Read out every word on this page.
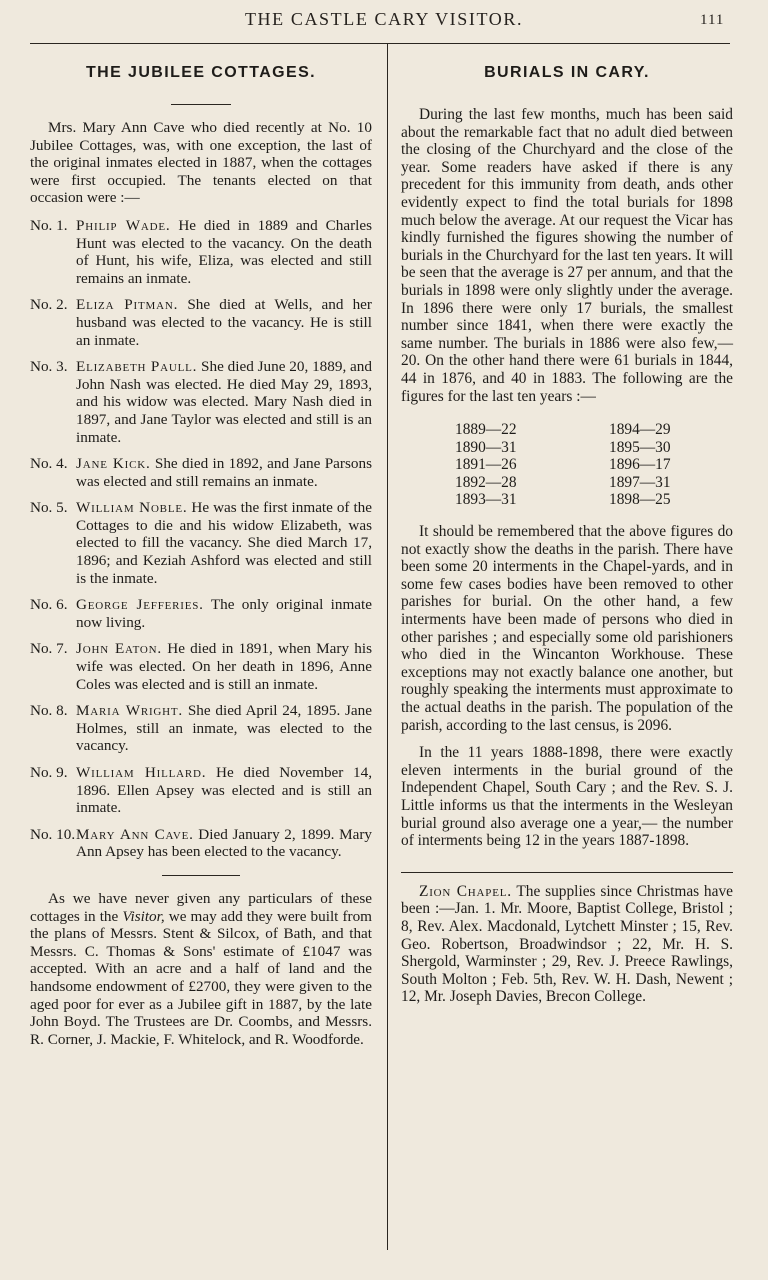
THE CASTLE CARY VISITOR.	111
THE JUBILEE COTTAGES.

Mrs. Mary Ann Cave who died recently at No. 10 Jubilee Cottages, was, with one exception, the last of the original inmates elected in 1887, when the cottages were first occupied. The tenants elected on that occasion were :—

No. 1. Philip Wade. He died in 1889 and Charles Hunt was elected to the vacancy. On the death of Hunt, his wife, Eliza, was elected and still remains an inmate.
No. 2. Eliza Pitman. She died at Wells, and her husband was elected to the vacancy. He is still an inmate.
No. 3. Elizabeth Paull. She died June 20, 1889, and John Nash was elected. He died May 29, 1893, and his widow was elected. Mary Nash died in 1897, and Jane Taylor was elected and still is an inmate.
No. 4. Jane Kick. She died in 1892, and Jane Parsons was elected and still remains an inmate.
No. 5. William Noble. He was the first inmate of the Cottages to die and his widow Elizabeth, was elected to fill the vacancy. She died March 17, 1896; and Keziah Ashford was elected and still is the inmate.
No. 6. George Jefferies. The only original inmate now living.
No. 7. John Eaton. He died in 1891, when Mary his wife was elected. On her death in 1896, Anne Coles was elected and is still an inmate.
No. 8. Maria Wright. She died April 24, 1895. Jane Holmes, still an inmate, was elected to the vacancy.
No. 9. William Hillard. He died November 14, 1896. Ellen Apsey was elected and is still an inmate.
No. 10. Mary Ann Cave. Died January 2, 1899. Mary Ann Apsey has been elected to the vacancy.

As we have never given any particulars of these cottages in the Visitor, we may add they were built from the plans of Messrs. Stent & Silcox, of Bath, and that Messrs. C. Thomas & Sons' estimate of £1047 was accepted. With an acre and a half of land and the handsome endowment of £2700, they were given to the aged poor for ever as a Jubilee gift in 1887, by the late John Boyd. The Trustees are Dr. Coombs, and Messrs. R. Corner, J. Mackie, F. Whitelock, and R. Woodforde.

BURIALS IN CARY.

During the last few months, much has been said about the remarkable fact that no adult died between the closing of the Churchyard and the close of the year. Some readers have asked if there is any precedent for this immunity from death, ands other evidently expect to find the total burials for 1898 much below the average. At our request the Vicar has kindly furnished the figures showing the number of burials in the Churchyard for the last ten years. It will be seen that the average is 27 per annum, and that the burials in 1898 were only slightly under the average. In 1896 there were only 17 burials, the smallest number since 1841, when there were exactly the same number. The burials in 1886 were also few,— 20. On the other hand there were 61 burials in 1844, 44 in 1876, and 40 in 1883. The following are the figures for the last ten years :—

1889—22
1890—31
1891—26
1892—28
1893—31
1894—29
1895—30
1896—17
1897—31
1898—25

It should be remembered that the above figures do not exactly show the deaths in the parish. There have been some 20 interments in the Chapel-yards, and in some few cases bodies have been removed to other parishes for burial. On the other hand, a few interments have been made of persons who died in other parishes ; and especially some old parishioners who died in the Wincanton Workhouse. These exceptions may not exactly balance one another, but roughly speaking the interments must approximate to the actual deaths in the parish. The population of the parish, according to the last census, is 2096.

In the 11 years 1888-1898, there were exactly eleven interments in the burial ground of the Independent Chapel, South Cary ; and the Rev. S. J. Little informs us that the interments in the Wesleyan burial ground also average one a year,— the number of interments being 12 in the years 1887-1898.

Zion Chapel. The supplies since Christmas have been :—Jan. 1. Mr. Moore, Baptist College, Bristol ; 8, Rev. Alex. Macdonald, Lytchett Minster ; 15, Rev. Geo. Robertson, Broadwindsor ; 22, Mr. H. S. Shergold, Warminster ; 29, Rev. J. Preece Rawlings, South Molton ; Feb. 5th, Rev. W. H. Dash, Newent ; 12, Mr. Joseph Davies, Brecon College.
